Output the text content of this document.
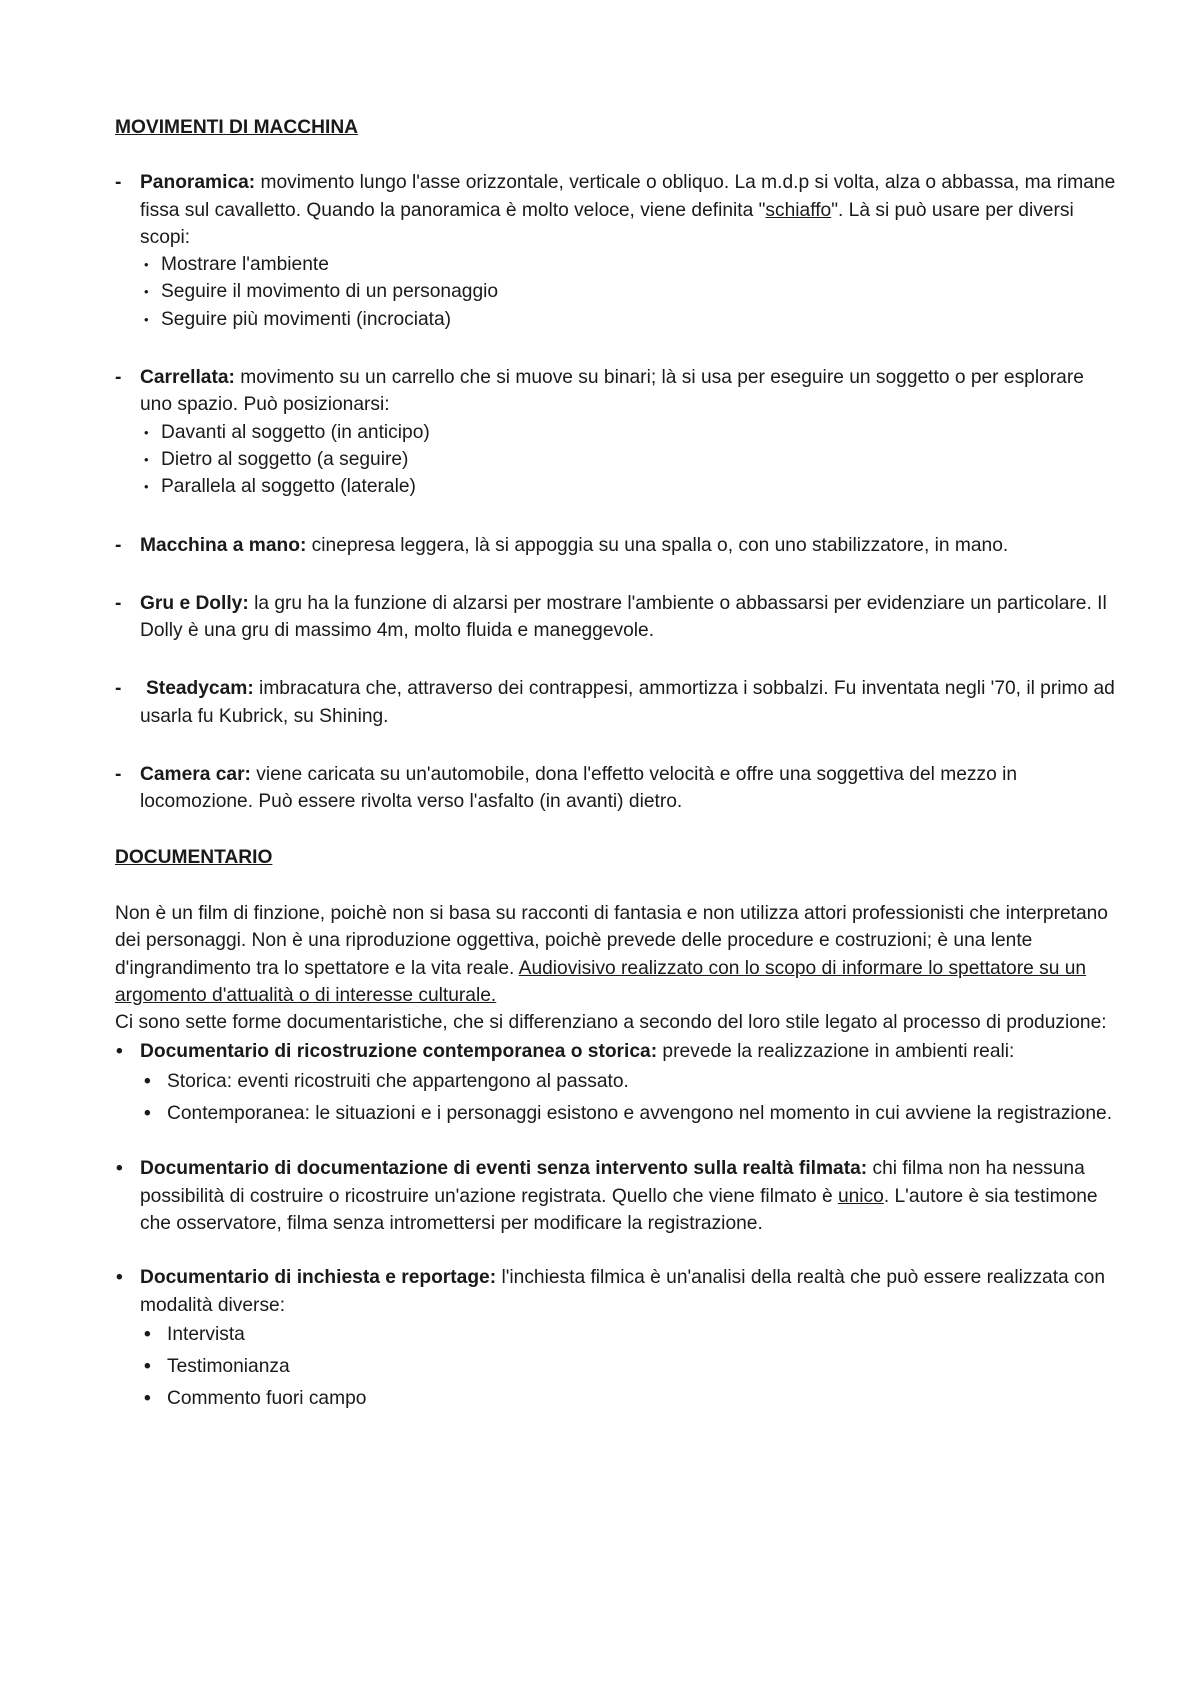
MOVIMENTI DI MACCHINA

- Panoramica: movimento lungo l'asse orizzontale, verticale o obliquo. La m.d.p si volta, alza o abbassa, ma rimane fissa sul cavalletto. Quando la panoramica è molto veloce, viene definita "schiaffo". Là si può usare per diversi scopi:
• Mostrare l'ambiente
• Seguire il movimento di un personaggio
• Seguire più movimenti (incrociata)
- Carrellata: movimento su un carrello che si muove su binari; là si usa per eseguire un soggetto o per esplorare uno spazio. Può posizionarsi:
• Davanti al soggetto (in anticipo)
• Dietro al soggetto (a seguire)
• Parallela al soggetto (laterale)
- Macchina a mano: cinepresa leggera, là si appoggia su una spalla o, con uno stabilizzatore, in mano.
- Gru e Dolly: la gru ha la funzione di alzarsi per mostrare l'ambiente o abbassarsi per evidenziare un particolare. Il Dolly è una gru di massimo 4m, molto fluida e maneggevole.
- Steadycam: imbracatura che, attraverso dei contrappesi, ammortizza i sobbalzi. Fu inventata negli '70, il primo ad usarla fu Kubrick, su Shining.
- Camera car: viene caricata su un'automobile, dona l'effetto velocità e offre una soggettiva del mezzo in locomozione. Può essere rivolta verso l'asfalto (in avanti) dietro.

DOCUMENTARIO

Non è un film di finzione, poichè non si basa su racconti di fantasia e non utilizza attori professionisti che interpretano dei personaggi. Non è una riproduzione oggettiva, poichè prevede delle procedure e costruzioni; è una lente d'ingrandimento tra lo spettatore e la vita reale. Audiovisivo realizzato con lo scopo di informare lo spettatore su un argomento d'attualità o di interesse culturale.
Ci sono sette forme documentaristiche, che si differenziano a secondo del loro stile legato al processo di produzione:

• Documentario di ricostruzione contemporanea o storica: prevede la realizzazione in ambienti reali:
• Storica: eventi ricostruiti che appartengono al passato.
• Contemporanea: le situazioni e i personaggi esistono e avvengono nel momento in cui avviene la registrazione.
• Documentario di documentazione di eventi senza intervento sulla realtà filmata: chi filma non ha nessuna possibilità di costruire o ricostruire un'azione registrata. Quello che viene filmato è unico. L'autore è sia testimone che osservatore, filma senza intromettersi per modificare la registrazione.
• Documentario di inchiesta e reportage: l'inchiesta filmica è un'analisi della realtà che può essere realizzata con modalità diverse:
• Intervista
• Testimonianza
• Commento fuori campo
